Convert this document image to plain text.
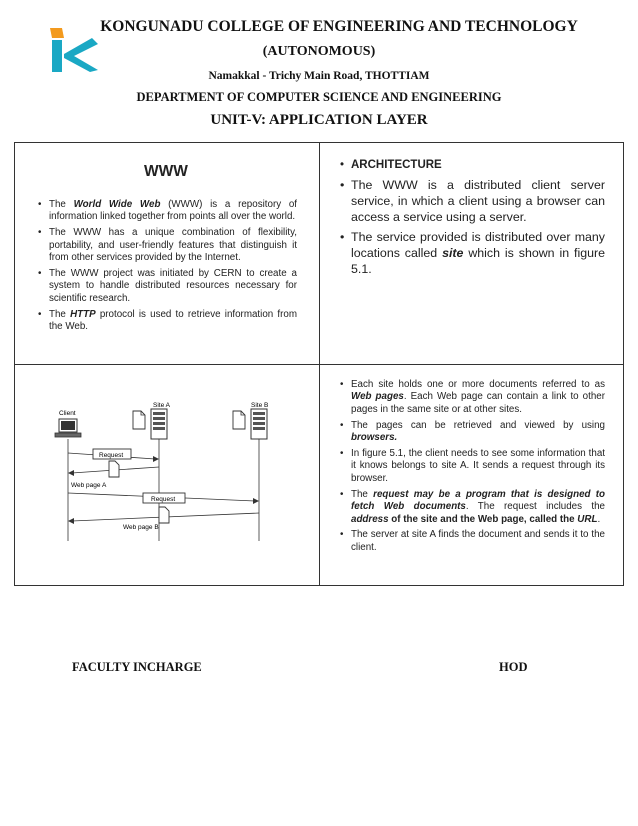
KONGUNADU COLLEGE OF ENGINEERING AND TECHNOLOGY
(AUTONOMOUS)
Namakkal - Trichy Main Road, THOTTIAM
DEPARTMENT OF COMPUTER SCIENCE AND ENGINEERING
UNIT-V: APPLICATION LAYER
WWW
• The World Wide Web (WWW) is a repository of information linked together from points all over the world.
• The WWW has a unique combination of flexibility, portability, and user-friendly features that distinguish it from other services provided by the Internet.
• The WWW project was initiated by CERN to create a system to handle distributed resources necessary for scientific research.
• The HTTP protocol is used to retrieve information from the Web.
• ARCHITECTURE
• The WWW is a distributed client server service, in which a client using a browser can access a service using a server.
• The service provided is distributed over many locations called site which is shown in figure 5.1.
Client
Site A	Site B
Request
Web page A
Request
Web page B
• Each site holds one or more documents referred to as Web pages. Each Web page can contain a link to other pages in the same site or at other sites.
• The pages can be retrieved and viewed by using browsers.
• In figure 5.1, the client needs to see some information that it knows belongs to site A. It sends a request through its browser.
• The request may be a program that is designed to fetch Web documents. The request includes the address of the site and the Web page, called the URL.
• The server at site A finds the document and sends it to the client.
FACULTY INCHARGE	HOD
